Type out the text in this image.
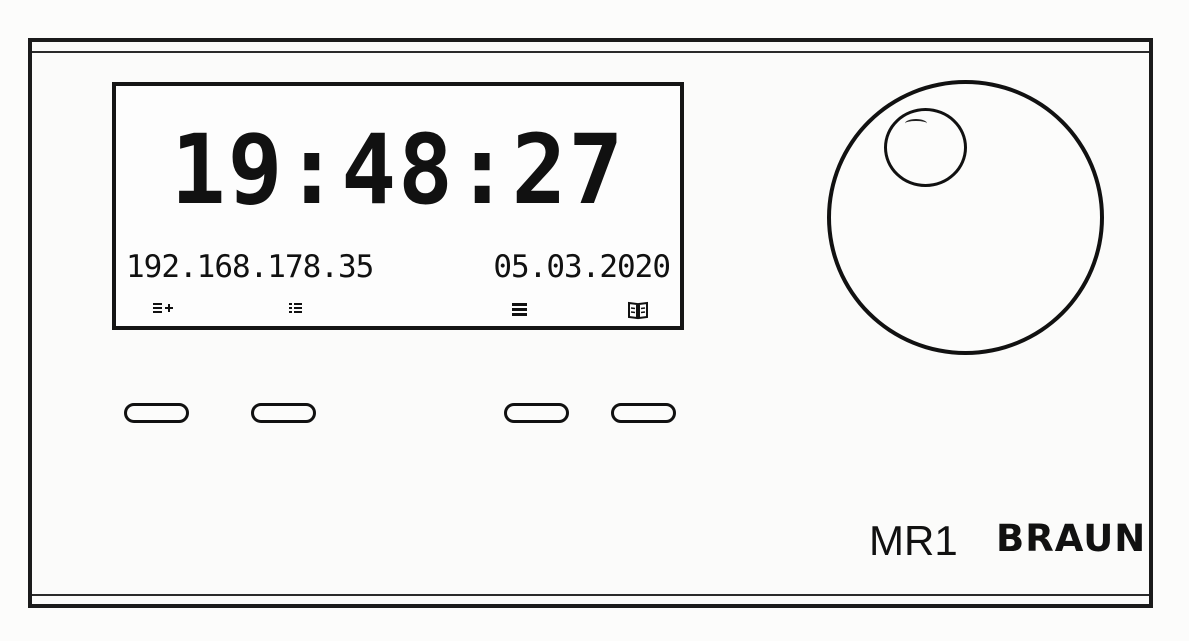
19:48:27
192.168.178.35	05.03.2020
MR1 BRAUN
